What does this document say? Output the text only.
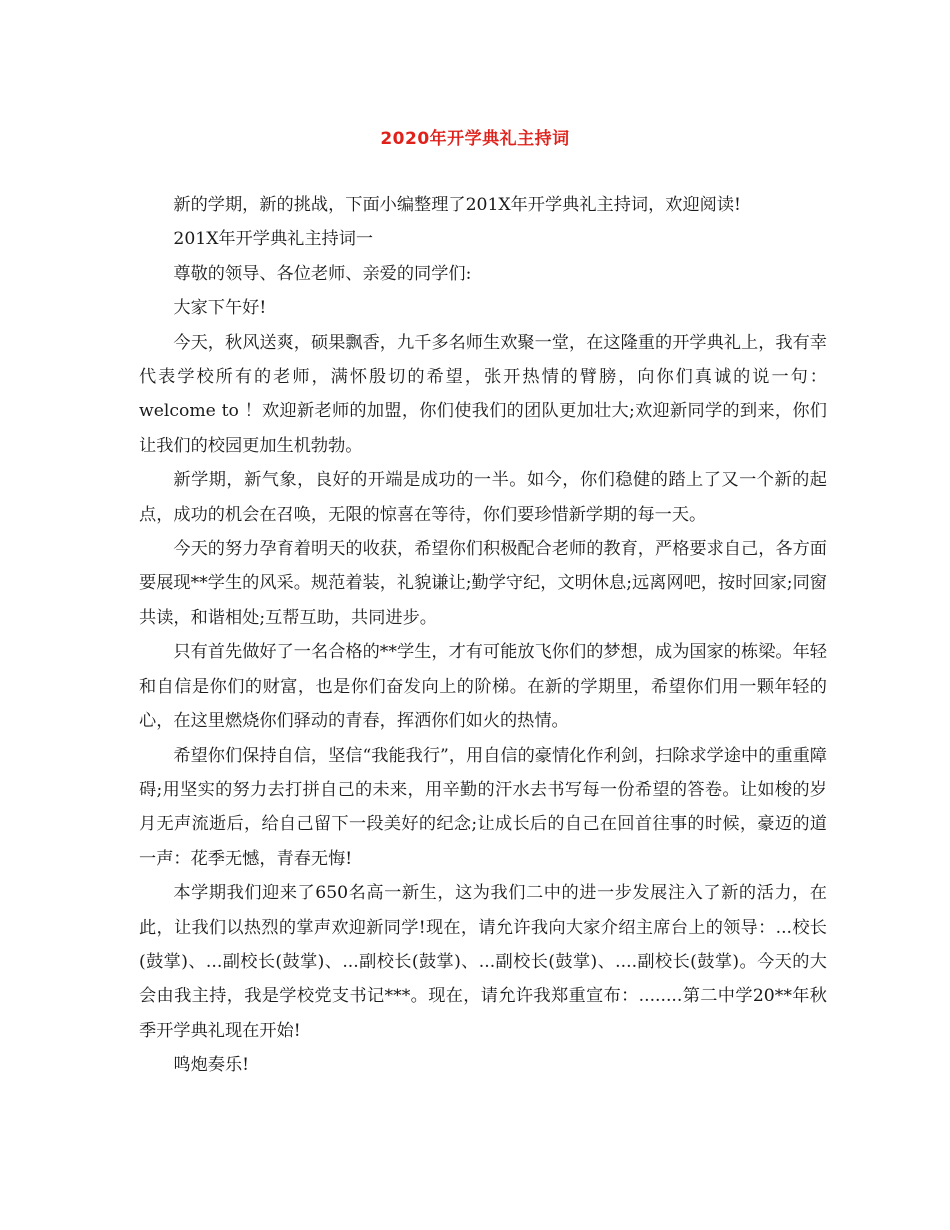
2020年开学典礼主持词

新的学期，新的挑战，下面小编整理了201X年开学典礼主持词，欢迎阅读!

201X年开学典礼主持词一

尊敬的领导、各位老师、亲爱的同学们:

大家下午好!

今天，秋风送爽，硕果飘香，九千多名师生欢聚一堂，在这隆重的开学典礼上，我有幸代表学校所有的老师，满怀殷切的希望，张开热情的臂膀，向你们真诚的说一句：welcome to ！欢迎新老师的加盟，你们使我们的团队更加壮大;欢迎新同学的到来，你们让我们的校园更加生机勃勃。

新学期，新气象，良好的开端是成功的一半。如今，你们稳健的踏上了又一个新的起点，成功的机会在召唤，无限的惊喜在等待，你们要珍惜新学期的每一天。

今天的努力孕育着明天的收获，希望你们积极配合老师的教育，严格要求自己，各方面要展现**学生的风采。规范着装，礼貌谦让;勤学守纪，文明休息;远离网吧，按时回家;同窗共读，和谐相处;互帮互助，共同进步。

只有首先做好了一名合格的**学生，才有可能放飞你们的梦想，成为国家的栋梁。年轻和自信是你们的财富，也是你们奋发向上的阶梯。在新的学期里，希望你们用一颗年轻的心，在这里燃烧你们驿动的青春，挥洒你们如火的热情。

希望你们保持自信，坚信“我能我行”，用自信的豪情化作利剑，扫除求学途中的重重障碍;用坚实的努力去打拼自己的未来，用辛勤的汗水去书写每一份希望的答卷。让如梭的岁月无声流逝后，给自己留下一段美好的纪念;让成长后的自己在回首往事的时候，豪迈的道一声：花季无憾，青春无悔!

本学期我们迎来了650名高一新生，这为我们二中的进一步发展注入了新的活力，在此，让我们以热烈的掌声欢迎新同学!现在，请允许我向大家介绍主席台上的领导：...校长(鼓掌)、...副校长(鼓掌)、...副校长(鼓掌)、...副校长(鼓掌)、....副校长(鼓掌)。今天的大会由我主持，我是学校党支书记***。现在，请允许我郑重宣布：........第二中学20**年秋季开学典礼现在开始!

鸣炮奏乐!
